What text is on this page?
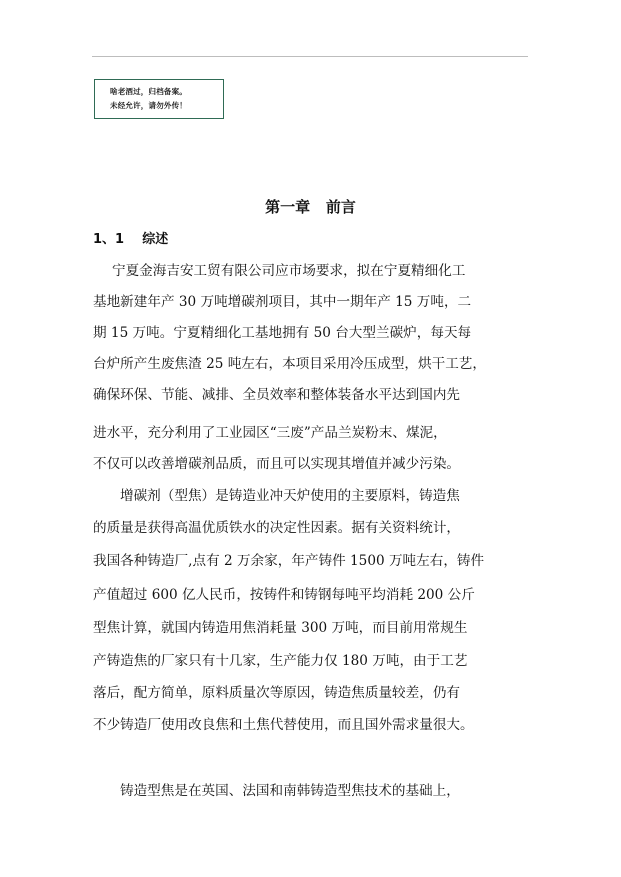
啥老酒过，归档备案。
未经允许，请勿外传！
第一章   前言
1、1    综述
宁夏金海吉安工贸有限公司应市场要求，拟在宁夏精细化工
基地新建年产 30 万吨增碳剂项目，其中一期年产 15 万吨，二
期 15 万吨。宁夏精细化工基地拥有 50 台大型兰碳炉，每天每
台炉所产生废焦渣 25 吨左右，本项目采用冷压成型，烘干工艺，
确保环保、节能、减排、全员效率和整体装备水平达到国内先
进水平，充分利用了工业园区“三废”产品兰炭粉末、煤泥，
不仅可以改善增碳剂品质，而且可以实现其增值并减少污染。
增碳剂（型焦）是铸造业冲天炉使用的主要原料，铸造焦
的质量是获得高温优质铁水的决定性因素。据有关资料统计，
我国各种铸造厂,点有 2 万余家，年产铸件 1500 万吨左右，铸件
产值超过 600 亿人民币，按铸件和铸钢每吨平均消耗 200 公斤
型焦计算，就国内铸造用焦消耗量 300 万吨，而目前用常规生
产铸造焦的厂家只有十几家，生产能力仅 180 万吨，由于工艺
落后，配方简单，原料质量次等原因，铸造焦质量较差，仍有
不少铸造厂使用改良焦和土焦代替使用，而且国外需求量很大。
铸造型焦是在英国、法国和南韩铸造型焦技术的基础上，
